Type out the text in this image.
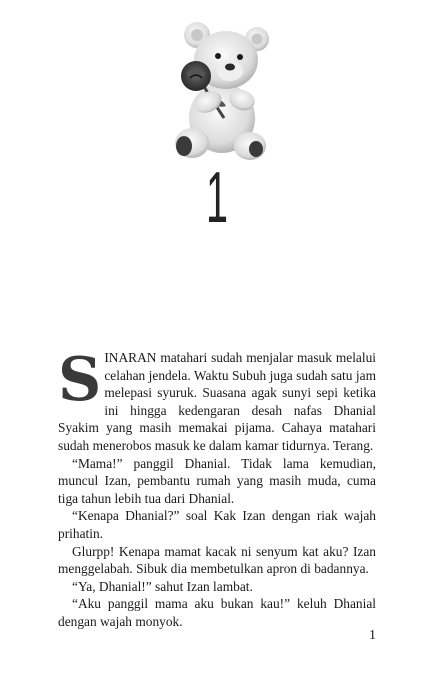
1

SINARAN matahari sudah menjalar masuk melalui celahan jendela. Waktu Subuh juga sudah satu jam melepasi syuruk. Suasana agak sunyi sepi ketika ini hingga kedengaran desah nafas Dhanial Syakim yang masih memakai pijama. Cahaya matahari sudah menerobos masuk ke dalam kamar tidurnya. Terang.

“Mama!” panggil Dhanial. Tidak lama kemudian, muncul Izan, pembantu rumah yang masih muda, cuma tiga tahun lebih tua dari Dhanial.

“Kenapa Dhanial?” soal Kak Izan dengan riak wajah prihatin.

Glurpp! Kenapa mamat kacak ni senyum kat aku? Izan menggelabah. Sibuk dia membetulkan apron di badannya.

“Ya, Dhanial!” sahut Izan lambat.

“Aku panggil mama aku bukan kau!” keluh Dhanial dengan wajah monyok.

1
